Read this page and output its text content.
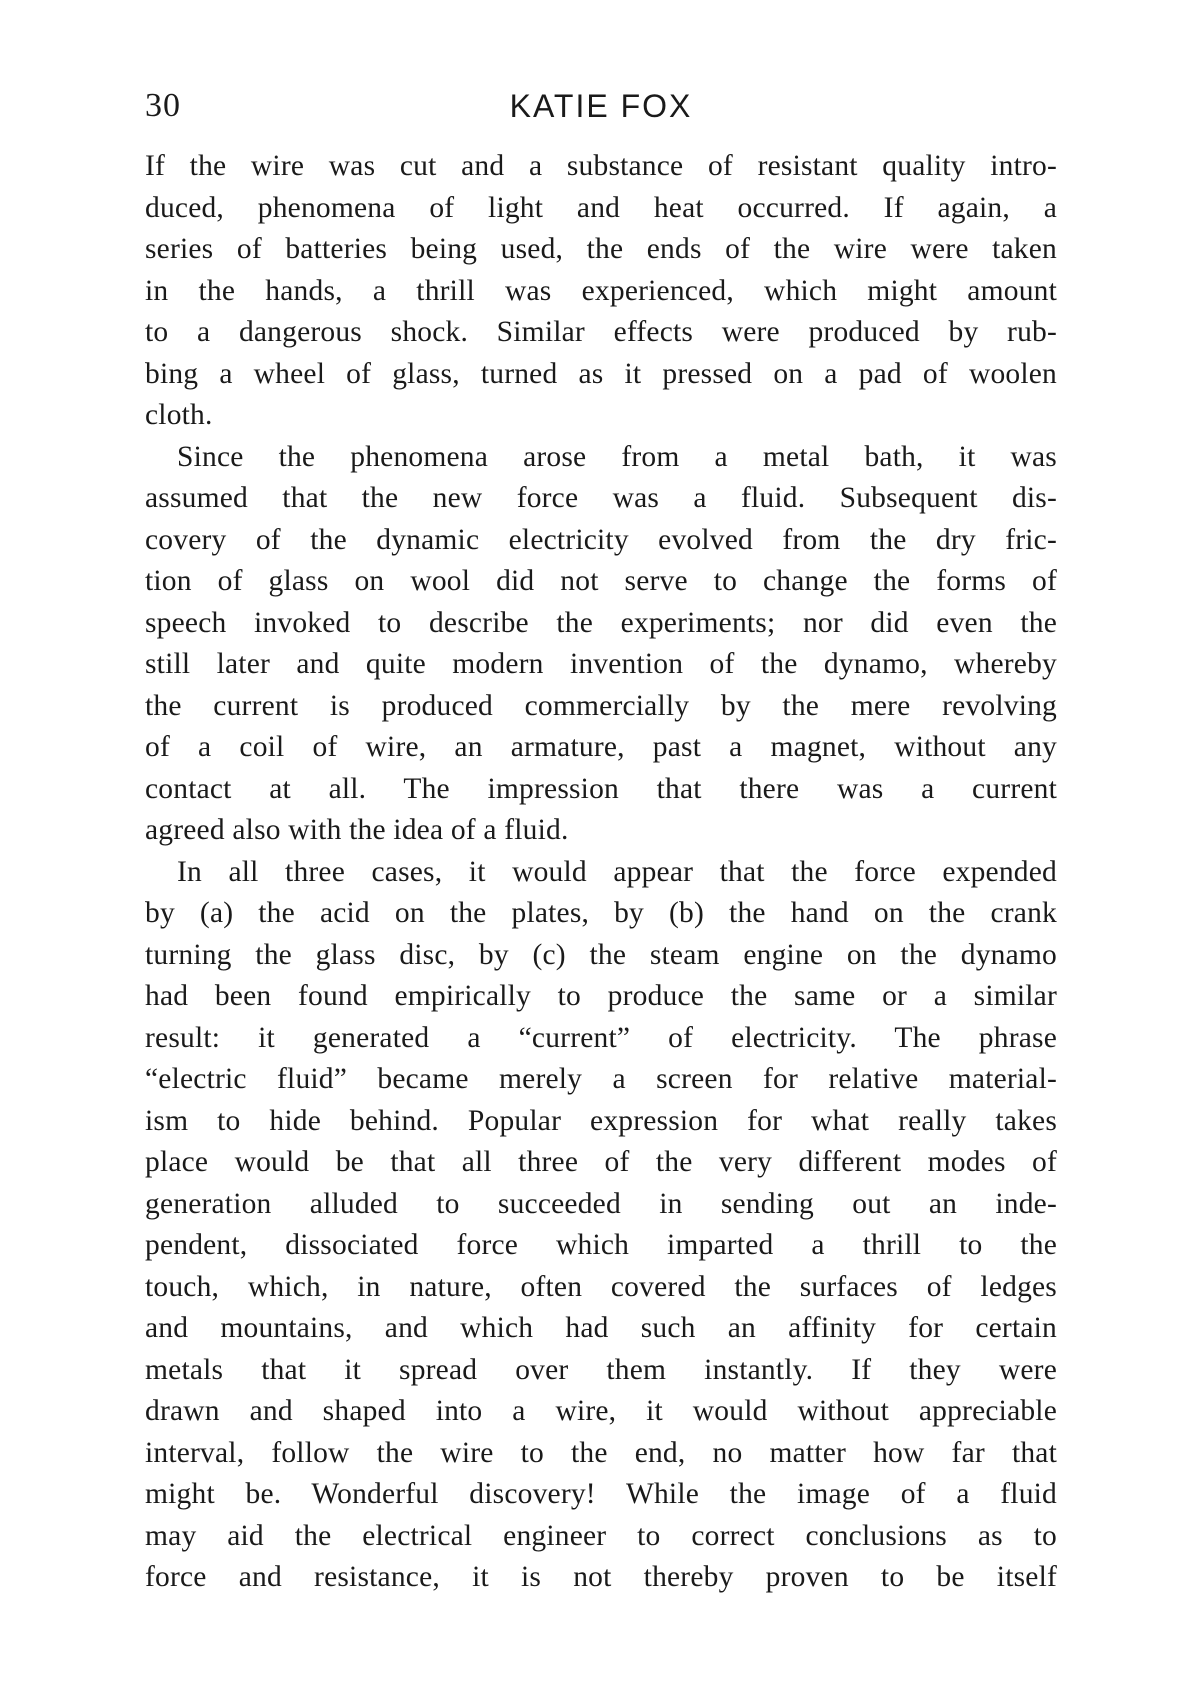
30	KATIE FOX
If the wire was cut and a substance of resistant quality intro-
duced, phenomena of light and heat occurred. If again, a
series of batteries being used, the ends of the wire were taken
in the hands, a thrill was experienced, which might amount
to a dangerous shock. Similar effects were produced by rub-
bing a wheel of glass, turned as it pressed on a pad of woolen
cloth.
Since the phenomena arose from a metal bath, it was
assumed that the new force was a fluid. Subsequent dis-
covery of the dynamic electricity evolved from the dry fric-
tion of glass on wool did not serve to change the forms of
speech invoked to describe the experiments; nor did even the
still later and quite modern invention of the dynamo, whereby
the current is produced commercially by the mere revolving
of a coil of wire, an armature, past a magnet, without any
contact at all. The impression that there was a current
agreed also with the idea of a fluid.
In all three cases, it would appear that the force expended
by (a) the acid on the plates, by (b) the hand on the crank
turning the glass disc, by (c) the steam engine on the dynamo
had been found empirically to produce the same or a similar
result: it generated a “current” of electricity. The phrase
“electric fluid” became merely a screen for relative material-
ism to hide behind. Popular expression for what really takes
place would be that all three of the very different modes of
generation alluded to succeeded in sending out an inde-
pendent, dissociated force which imparted a thrill to the
touch, which, in nature, often covered the surfaces of ledges
and mountains, and which had such an affinity for certain
metals that it spread over them instantly. If they were
drawn and shaped into a wire, it would without appreciable
interval, follow the wire to the end, no matter how far that
might be. Wonderful discovery! While the image of a fluid
may aid the electrical engineer to correct conclusions as to
force and resistance, it is not thereby proven to be itself
